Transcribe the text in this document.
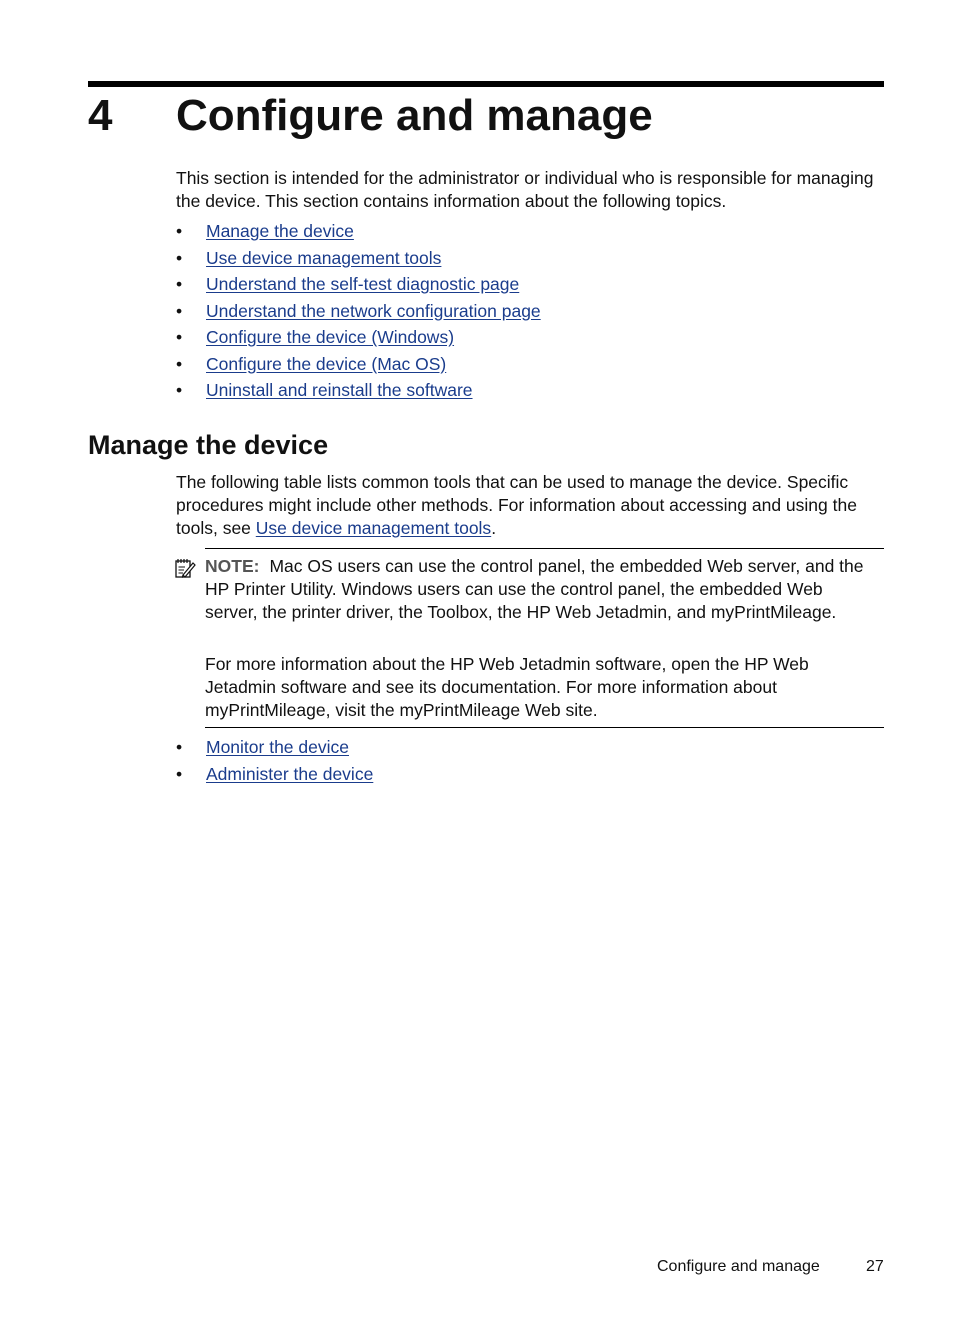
4 Configure and manage
This section is intended for the administrator or individual who is responsible for managing the device. This section contains information about the following topics.
• Manage the device
• Use device management tools
• Understand the self-test diagnostic page
• Understand the network configuration page
• Configure the device (Windows)
• Configure the device (Mac OS)
• Uninstall and reinstall the software
Manage the device
The following table lists common tools that can be used to manage the device. Specific procedures might include other methods. For information about accessing and using the tools, see Use device management tools.
NOTE: Mac OS users can use the control panel, the embedded Web server, and the HP Printer Utility. Windows users can use the control panel, the embedded Web server, the printer driver, the Toolbox, the HP Web Jetadmin, and myPrintMileage.
For more information about the HP Web Jetadmin software, open the HP Web Jetadmin software and see its documentation. For more information about myPrintMileage, visit the myPrintMileage Web site.
• Monitor the device
• Administer the device
Configure and manage	27
